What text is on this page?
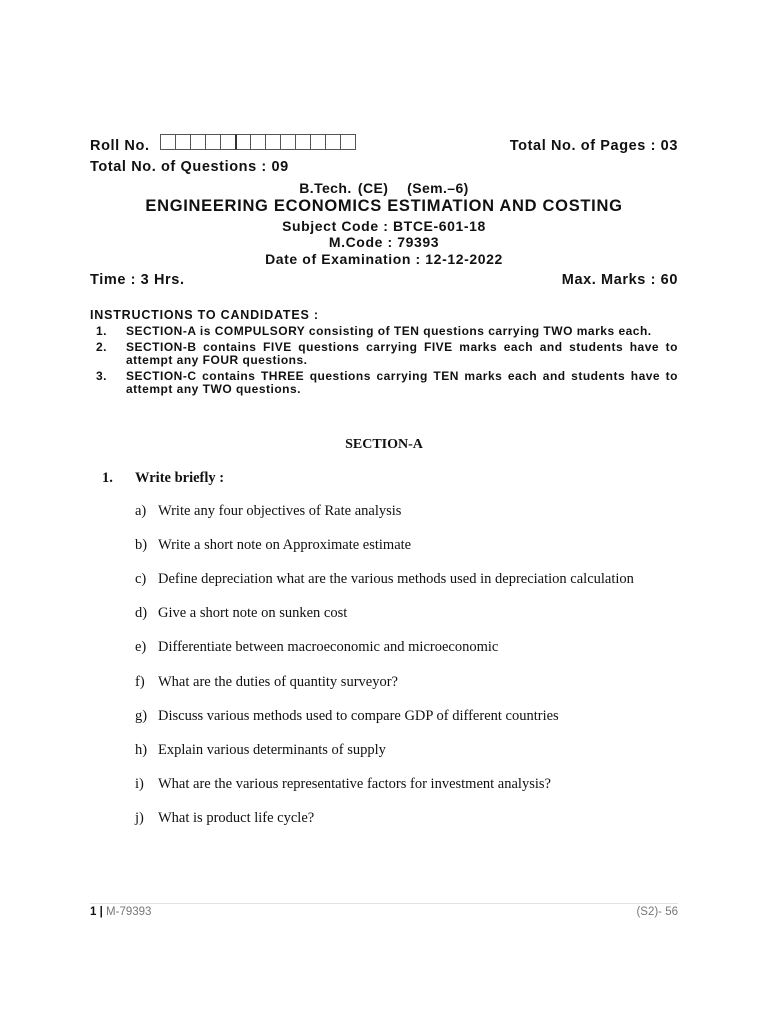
Roll No.	Total No. of Pages : 03
Total No. of Questions : 09
B.Tech. (CE)   (Sem.–6)
ENGINEERING ECONOMICS ESTIMATION AND COSTING
Subject Code : BTCE-601-18
M.Code : 79393
Date of Examination : 12-12-2022
Time : 3 Hrs.	Max. Marks : 60
INSTRUCTIONS TO CANDIDATES :
1.	SECTION-A is COMPULSORY consisting of TEN questions carrying TWO marks each.
2.	SECTION-B contains FIVE questions carrying FIVE marks each and students have to attempt any FOUR questions.
3.	SECTION-C contains THREE questions carrying TEN marks each and students have to attempt any TWO questions.
SECTION-A
1. Write briefly :
a) Write any four objectives of Rate analysis
b) Write a short note on Approximate estimate
c) Define depreciation what are the various methods used in depreciation calculation
d) Give a short note on sunken cost
e) Differentiate between macroeconomic and microeconomic
f) What are the duties of quantity surveyor?
g) Discuss various methods used to compare GDP of different countries
h) Explain various determinants of supply
i) What are the various representative factors for investment analysis?
j) What is product life cycle?
1 | M-79393	(S2)- 56
